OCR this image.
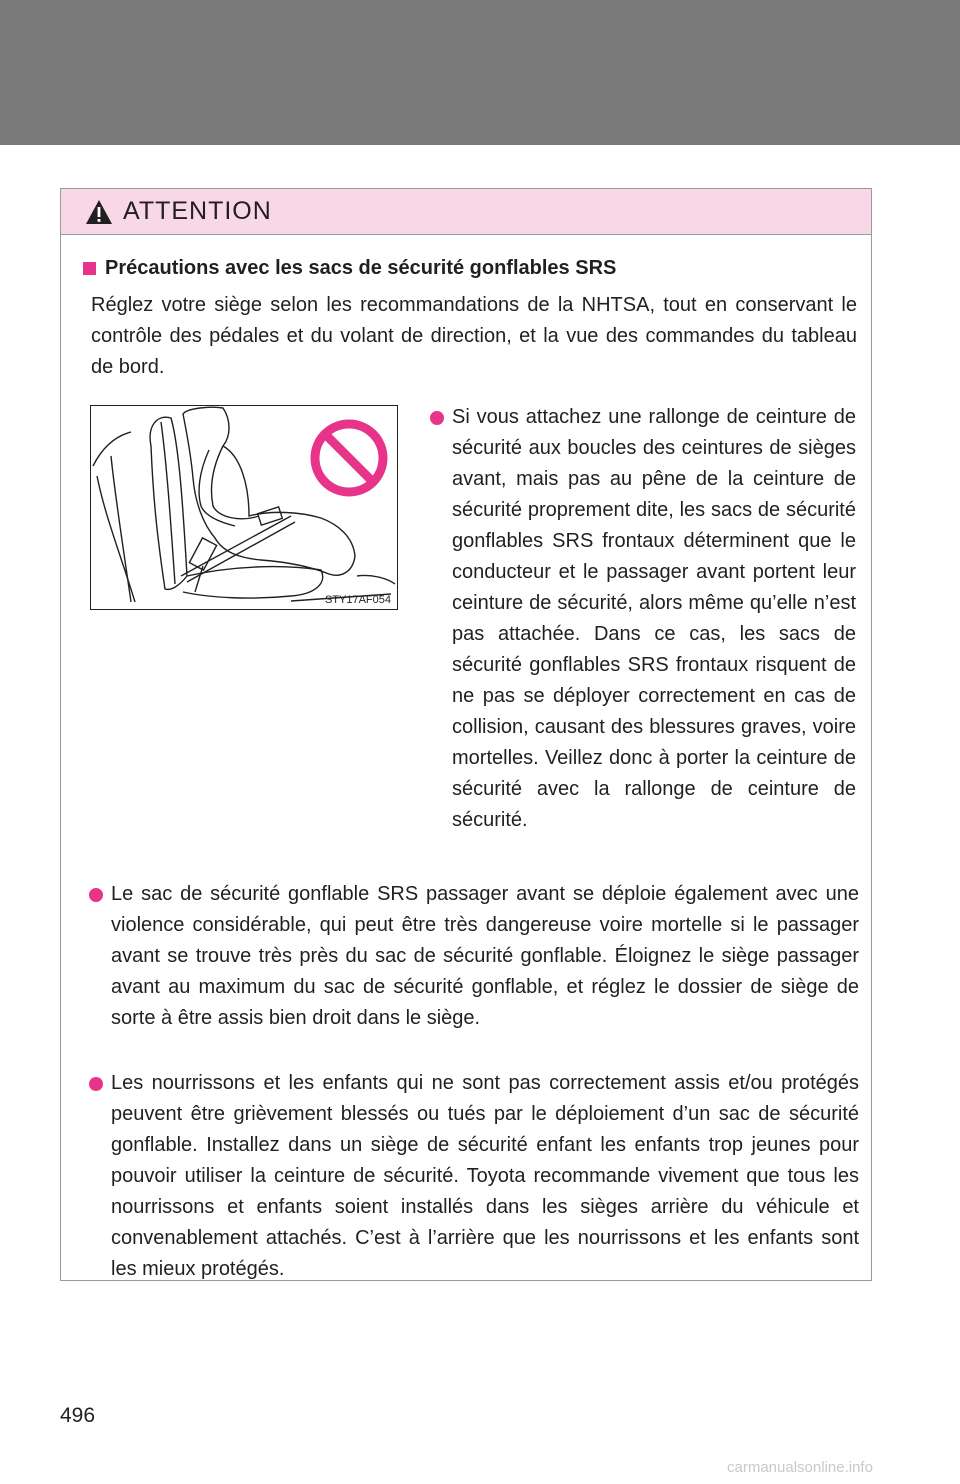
ATTENTION
Précautions avec les sacs de sécurité gonflables SRS
Réglez votre siège selon les recommandations de la NHTSA, tout en conservant le contrôle des pédales et du volant de direction, et la vue des commandes du tableau de bord.
STY17AF054
Si vous attachez une rallonge de ceinture de sécurité aux boucles des ceintures de sièges avant, mais pas au pêne de la ceinture de sécurité proprement dite, les sacs de sécurité gonflables SRS frontaux déterminent que le conducteur et le passager avant portent leur ceinture de sécurité, alors même qu’elle n’est pas attachée. Dans ce cas, les sacs de sécurité gonflables SRS frontaux risquent de ne pas se déployer correctement en cas de collision, causant des blessures graves, voire mortelles. Veillez donc à porter la ceinture de sécurité avec la rallonge de ceinture de sécurité.
Le sac de sécurité gonflable SRS passager avant se déploie également avec une violence considérable, qui peut être très dangereuse voire mortelle si le passager avant se trouve très près du sac de sécurité gonflable. Éloignez le siège passager avant au maximum du sac de sécurité gonflable, et réglez le dossier de siège de sorte à être assis bien droit dans le siège.
Les nourrissons et les enfants qui ne sont pas correctement assis et/ou protégés peuvent être grièvement blessés ou tués par le déploiement d’un sac de sécurité gonflable. Installez dans un siège de sécurité enfant les enfants trop jeunes pour pouvoir utiliser la ceinture de sécurité. Toyota recommande vivement que tous les nourrissons et enfants soient installés dans les sièges arrière du véhicule et convenablement attachés. C’est à l’arrière que les nourrissons et les enfants sont les mieux protégés.
496
carmanualsonline.info
